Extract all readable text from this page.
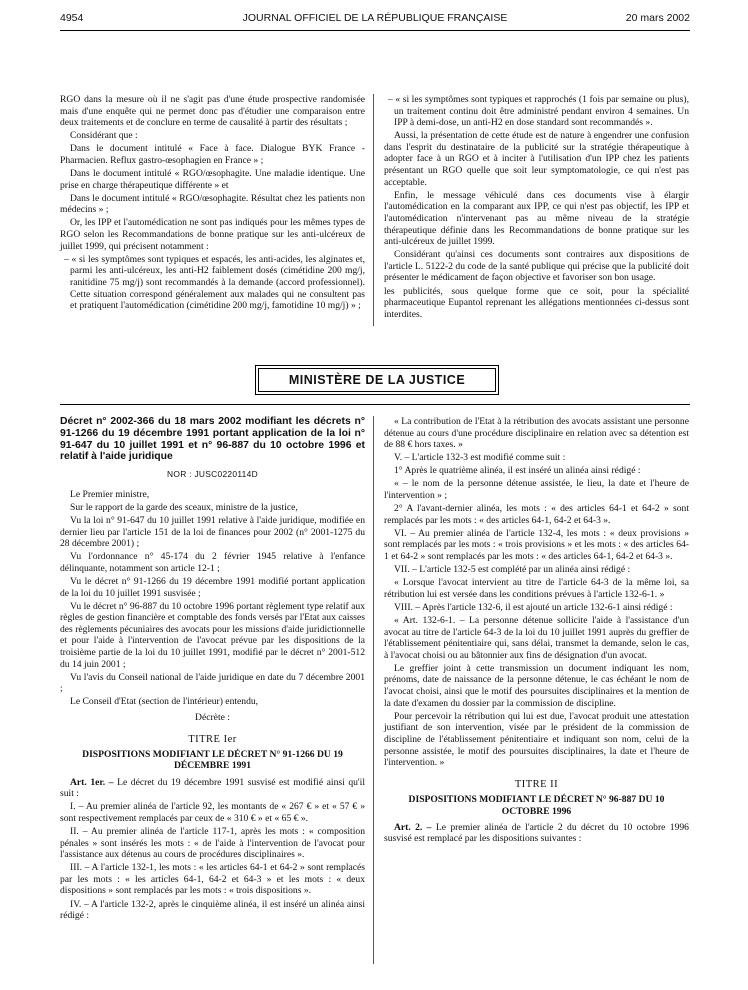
4954	JOURNAL OFFICIEL DE LA RÉPUBLIQUE FRANÇAISE	20 mars 2002

RGO dans la mesure où il ne s'agit pas d'une étude prospective randomisée mais d'une enquête qui ne permet donc pas d'étudier une comparaison entre deux traitements et de conclure en terme de causalité à partir des résultats ;

Considérant que :

Dans le document intitulé « Face à face. Dialogue BYK France - Pharmacien. Reflux gastro-œsophagien en France » ;

Dans le document intitulé « RGO/œsophagite. Une maladie identique. Une prise en charge thérapeutique différente » et

Dans le document intitulé « RGO/œsophagite. Résultat chez les patients non médecins » ;

Or, les IPP et l'automédication ne sont pas indiqués pour les mêmes types de RGO selon les Recommandations de bonne pratique sur les anti-ulcéreux de juillet 1999, qui précisent notamment :

– « si les symptômes sont typiques et espacés, les anti-acides, les alginates et, parmi les anti-ulcéreux, les anti-H2 faiblement dosés (cimétidine 200 mg/j, ranitidine 75 mg/j) sont recommandés à la demande (accord professionnel). Cette situation correspond généralement aux malades qui ne consultent pas et pratiquent l'automédication (cimétidine 200 mg/j, famotidine 10 mg/j) » ;

– « si les symptômes sont typiques et rapprochés (1 fois par semaine ou plus), un traitement continu doit être administré pendant environ 4 semaines. Un IPP à demi-dose, un anti-H2 en dose standard sont recommandés ».

Aussi, la présentation de cette étude est de nature à engendrer une confusion dans l'esprit du destinataire de la publicité sur la stratégie thérapeutique à adopter face à un RGO et à inciter à l'utilisation d'un IPP chez les patients présentant un RGO quelle que soit leur symptomatologie, ce qui n'est pas acceptable.

Enfin, le message véhiculé dans ces documents vise à élargir l'automédication en la comparant aux IPP, ce qui n'est pas objectif, les IPP et l'automédication n'intervenant pas au même niveau de la stratégie thérapeutique définie dans les Recommandations de bonne pratique sur les anti-ulcéreux de juillet 1999.

Considérant qu'ainsi ces documents sont contraires aux dispositions de l'article L. 5122-2 du code de la santé publique qui précise que la publicité doit présenter le médicament de façon objective et favoriser son bon usage.

les publicités, sous quelque forme que ce soit, pour la spécialité pharmaceutique Eupantol reprenant les allégations mentionnées ci-dessus sont interdites.

MINISTÈRE DE LA JUSTICE
Décret n° 2002-366 du 18 mars 2002 modifiant les décrets n° 91-1266 du 19 décembre 1991 portant application de la loi n° 91-647 du 10 juillet 1991 et n° 96-887 du 10 octobre 1996 et relatif à l'aide juridique
NOR : JUSC0220114D

Le Premier ministre,

Sur le rapport de la garde des sceaux, ministre de la justice,

Vu la loi n° 91-647 du 10 juillet 1991 relative à l'aide juridique, modifiée en dernier lieu par l'article 151 de la loi de finances pour 2002 (n° 2001-1275 du 28 décembre 2001) ;

Vu l'ordonnance n° 45-174 du 2 février 1945 relative à l'enfance délinquante, notamment son article 12-1 ;

Vu le décret n° 91-1266 du 19 décembre 1991 modifié portant application de la loi du 10 juillet 1991 susvisée ;

Vu le décret n° 96-887 du 10 octobre 1996 portant règlement type relatif aux règles de gestion financière et comptable des fonds versés par l'Etat aux caisses des règlements pécuniaires des avocats pour les missions d'aide juridictionnelle et pour l'aide à l'intervention de l'avocat prévue par les dispositions de la troisième partie de la loi du 10 juillet 1991, modifié par le décret n° 2001-512 du 14 juin 2001 ;

Vu l'avis du Conseil national de l'aide juridique en date du 7 décembre 2001 ;

Le Conseil d'Etat (section de l'intérieur) entendu,

Décrète :

TITRE Ier
DISPOSITIONS MODIFIANT LE DÉCRET N° 91-1266 DU 19 DÉCEMBRE 1991

Art. 1er. – Le décret du 19 décembre 1991 susvisé est modifié ainsi qu'il suit :

I. – Au premier alinéa de l'article 92, les montants de « 267 € » et « 57 € » sont respectivement remplacés par ceux de « 310 € » et « 65 € ».

II. – Au premier alinéa de l'article 117-1, après les mots : « composition pénales » sont insérés les mots : « de l'aide à l'intervention de l'avocat pour l'assistance aux détenus au cours de procédures disciplinaires ».

III. – A l'article 132-1, les mots : « les articles 64-1 et 64-2 » sont remplacés par les mots : « les articles 64-1, 64-2 et 64-3 » et les mots : « deux dispositions » sont remplacés par les mots : « trois dispositions ».

IV. – A l'article 132-2, après le cinquième alinéa, il est inséré un alinéa ainsi rédigé :

« La contribution de l'Etat à la rétribution des avocats assistant une personne détenue au cours d'une procédure disciplinaire en relation avec sa détention est de 88 € hors taxes. »

V. – L'article 132-3 est modifié comme suit :

1° Après le quatrième alinéa, il est inséré un alinéa ainsi rédigé :

« – le nom de la personne détenue assistée, le lieu, la date et l'heure de l'intervention » ;

2° A l'avant-dernier alinéa, les mots : « des articles 64-1 et 64-2 » sont remplacés par les mots : « des articles 64-1, 64-2 et 64-3 ».

VI. – Au premier alinéa de l'article 132-4, les mots : « deux provisions » sont remplacés par les mots : « trois provisions » et les mots : « des articles 64-1 et 64-2 » sont remplacés par les mots : « des articles 64-1, 64-2 et 64-3 ».

VII. – L'article 132-5 est complété par un alinéa ainsi rédigé :

« Lorsque l'avocat intervient au titre de l'article 64-3 de la même loi, sa rétribution lui est versée dans les conditions prévues à l'article 132-6-1. »

VIII. – Après l'article 132-6, il est ajouté un article 132-6-1 ainsi rédigé :

« Art. 132-6-1. – La personne détenue sollicite l'aide à l'assistance d'un avocat au titre de l'article 64-3 de la loi du 10 juillet 1991 auprès du greffier de l'établissement pénitentiaire qui, sans délai, transmet la demande, selon le cas, à l'avocat choisi ou au bâtonnier aux fins de désignation d'un avocat.

Le greffier joint à cette transmission un document indiquant les nom, prénoms, date de naissance de la personne détenue, le cas échéant le nom de l'avocat choisi, ainsi que le motif des poursuites disciplinaires et la mention de la date d'examen du dossier par la commission de discipline.

Pour percevoir la rétribution qui lui est due, l'avocat produit une attestation justifiant de son intervention, visée par le président de la commission de discipline de l'établissement pénitentiaire et indiquant son nom, celui de la personne assistée, le motif des poursuites disciplinaires, la date et l'heure de l'intervention. »

TITRE II
DISPOSITIONS MODIFIANT LE DÉCRET N° 96-887 DU 10 OCTOBRE 1996

Art. 2. – Le premier alinéa de l'article 2 du décret du 10 octobre 1996 susvisé est remplacé par les dispositions suivantes :
